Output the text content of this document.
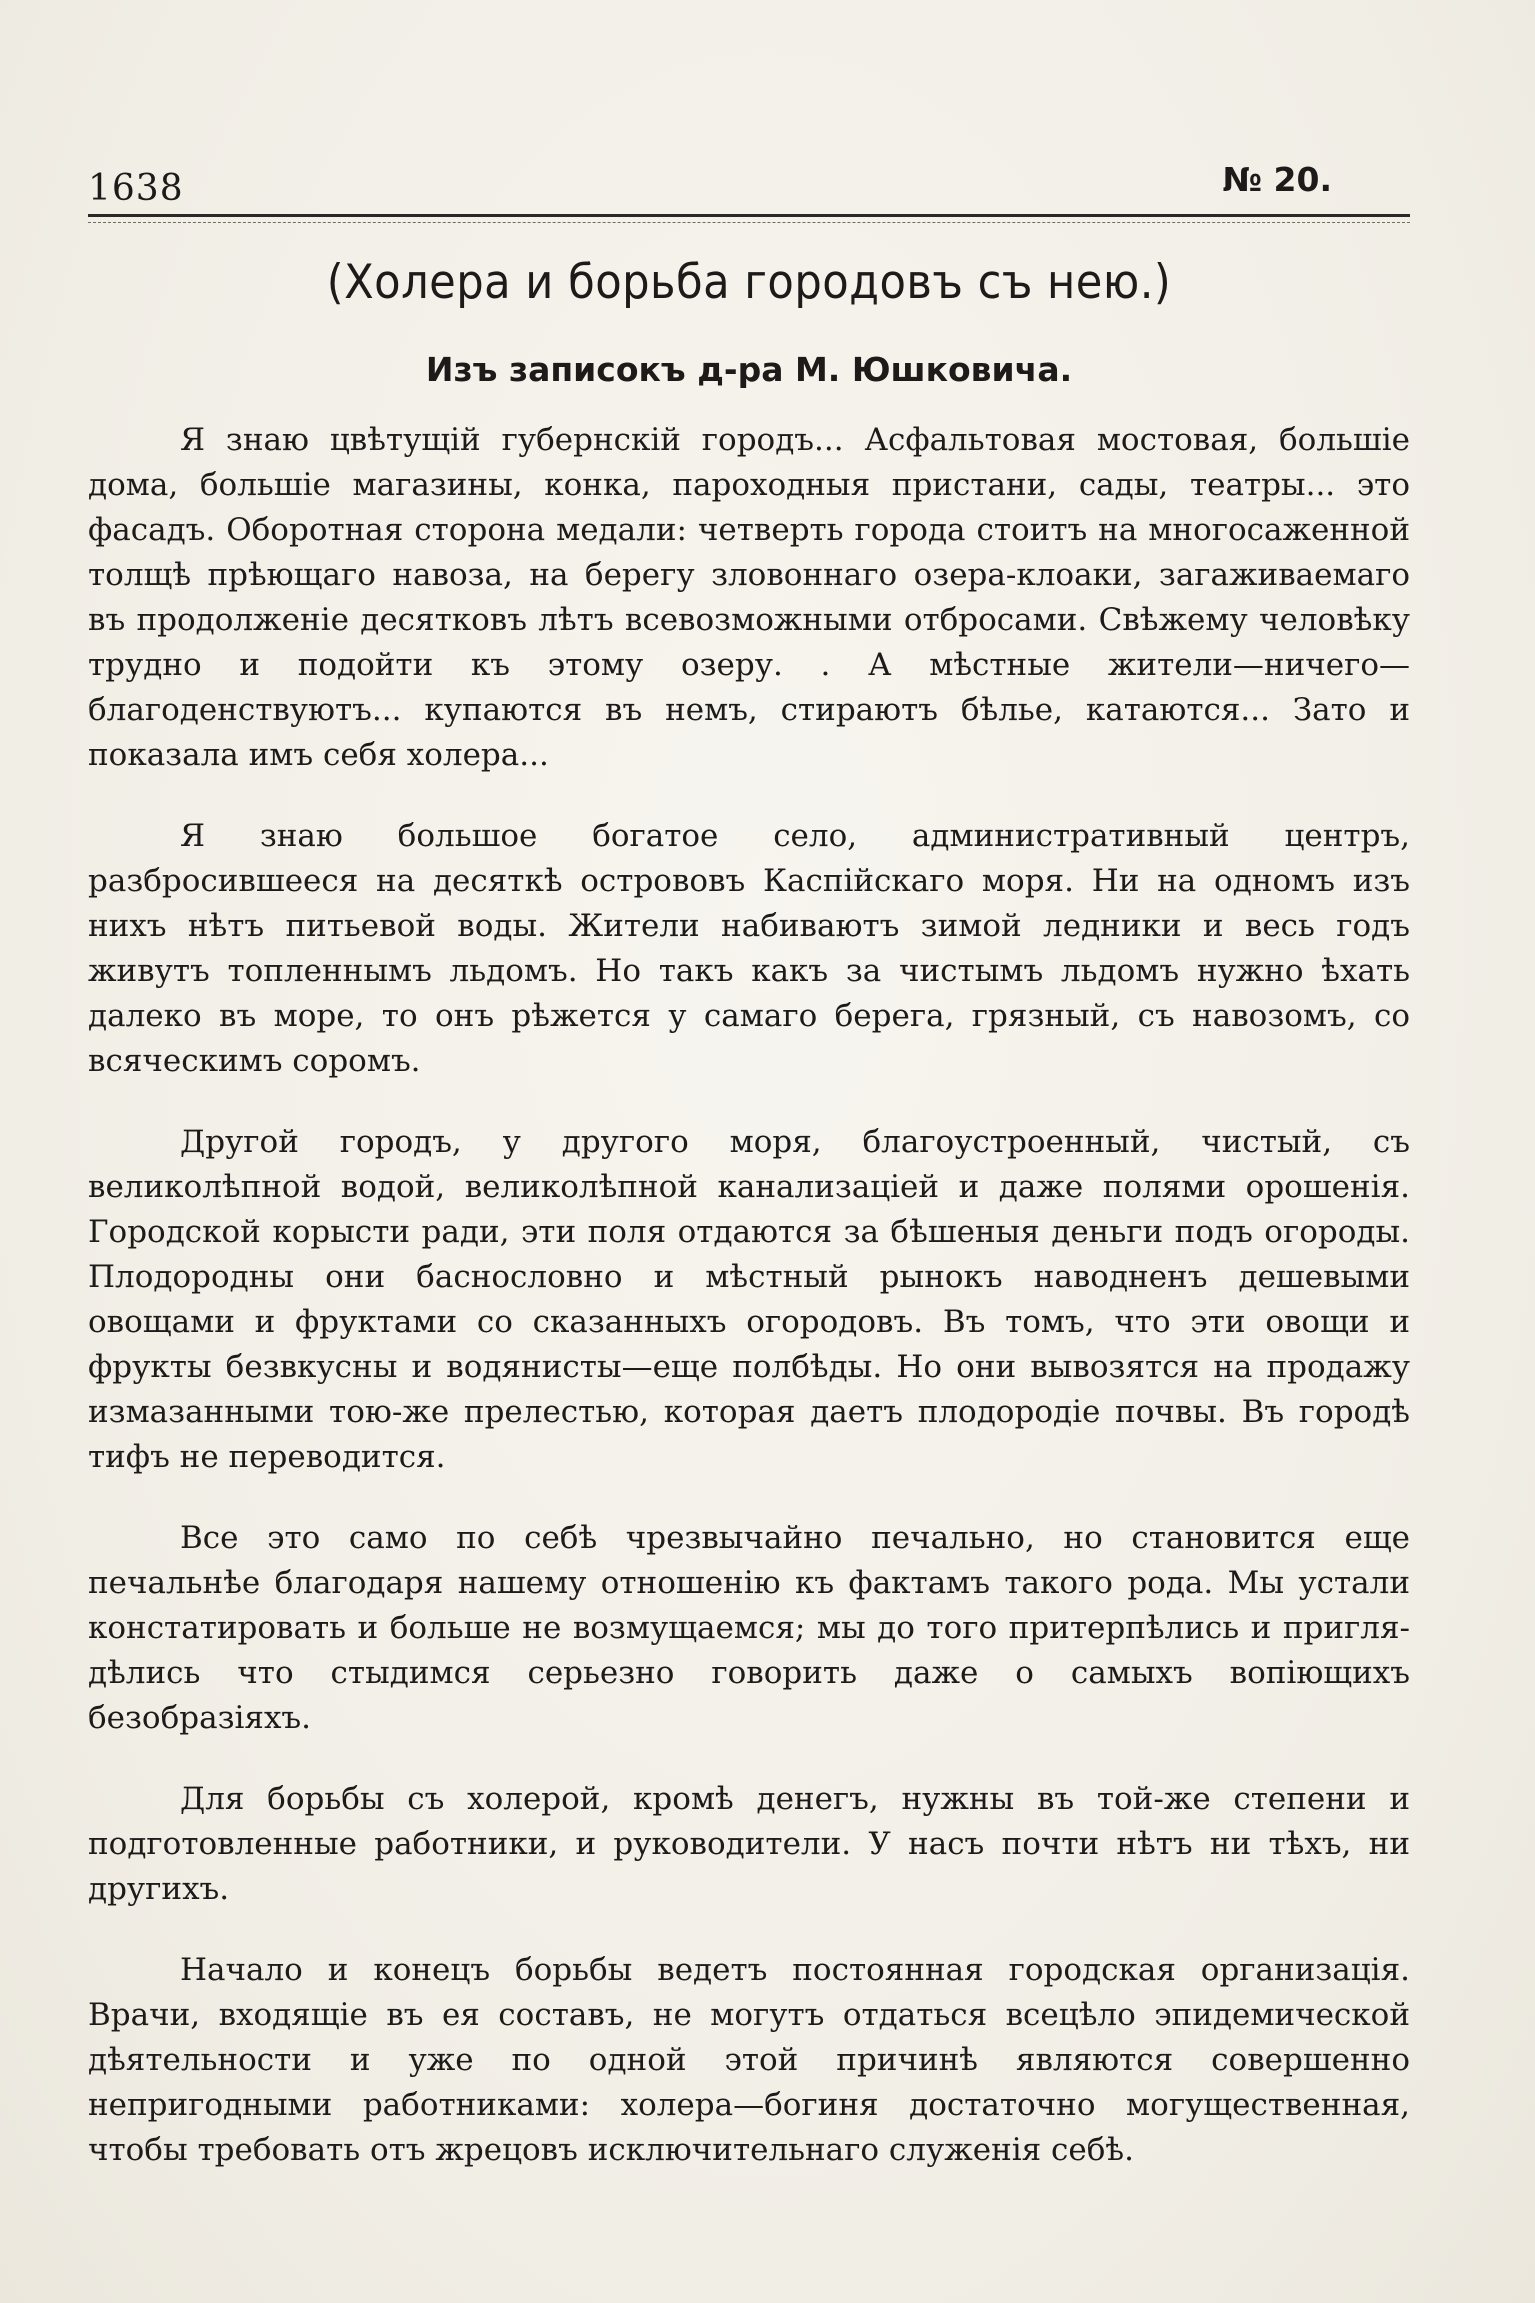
1638	№ 20.
(Холера и борьба городовъ съ нею.)
Изъ записокъ д-ра М. Юшковича.

Я знаю цвѣтущій губернскій городъ... Асфальтовая мостовая, большіе дома, большіе магазины, конка, пароходныя пристани, сады, театры... это фасадъ. Оборотная сторона медали: четверть города стоитъ на многосаженной толщѣ прѣющаго навоза, на берегу зловоннаго озера-клоаки, загаживаемаго въ продолженіе десятковъ лѣтъ всевозможными отбросами. Свѣжему человѣку трудно и подойти къ этому озеру. . А мѣстные жители—ничего—благоденствуютъ... купаются въ немъ, стираютъ бѣлье, катаются... Зато и показала имъ себя холера...

Я знаю большое богатое село, административный центръ, разбросившееся на десяткѣ острововъ Каспійскаго моря. Ни на одномъ изъ нихъ нѣтъ питьевой воды. Жители набиваютъ зимой ледники и весь годъ живутъ топленнымъ льдомъ. Но такъ какъ за чистымъ льдомъ нужно ѣхать далеко въ море, то онъ рѣжется у самаго берега, грязный, съ навозомъ, со всяческимъ соромъ.

Другой городъ, у другого моря, благоустроенный, чистый, съ великолѣпной водой, великолѣпной канализаціей и даже полями орошенія. Городской корысти ради, эти поля отдаются за бѣшеныя деньги подъ огороды. Плодородны они баснословно и мѣстный рынокъ наводненъ дешевыми овощами и фруктами со сказанныхъ огородовъ. Въ томъ, что эти овощи и фрукты безвкусны и водянисты—еще полбѣды. Но они вывозятся на продажу измазанными тою-же прелестью, которая даетъ плодородіе почвы. Въ городѣ тифъ не переводится.

Все это само по себѣ чрезвычайно печально, но становится еще печальнѣе благодаря нашему отношенію къ фактамъ такого рода. Мы устали констатировать и больше не возмущаемся; мы до того притерпѣлись и приглядѣлись что стыдимся серьезно говорить даже о самыхъ вопіющихъ безобразіяхъ.

Для борьбы съ холерой, кромѣ денегъ, нужны въ той-же степени и подготовленные работники, и руководители. У насъ почти нѣтъ ни тѣхъ, ни другихъ.

Начало и конецъ борьбы ведетъ постоянная городская организація. Врачи, входящіе въ ея составъ, не могутъ отдаться всецѣло эпидемической дѣятельности и уже по одной этой причинѣ являются совершенно непригодными работниками: холера—богиня достаточно могущественная, чтобы требовать отъ жрецовъ исключительнаго служенія себѣ.
